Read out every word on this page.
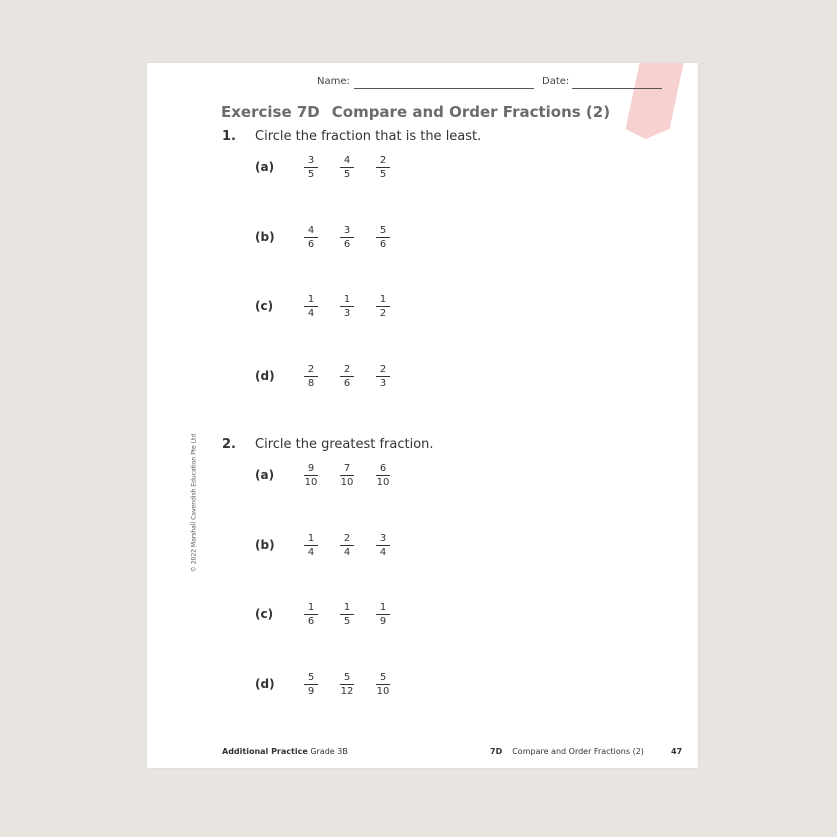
Name:	Date:
Exercise 7D Compare and Order Fractions (2)
1. Circle the fraction that is the least.
(a)	$\frac{3}{5} \frac{4}{5} \frac{2}{5}$
(b)	$\frac{4}{6} \frac{3}{6} \frac{5}{6}$
(c)	$\frac{1}{4} \frac{1}{3} \frac{1}{2}$
(d)	$\frac{2}{8} \frac{2}{6} \frac{2}{3}$
2. Circle the greatest fraction.
(a)	$\frac{9}{10} \frac{7}{10} \frac{6}{10}$
(b)	$\frac{1}{4} \frac{2}{4} \frac{3}{4}$
(c)	$\frac{1}{6} \frac{1}{5} \frac{1}{9}$
(d)	$\frac{5}{9} \frac{5}{12} \frac{5}{10}$
© 2022 Marshall Cavendish Education Pte Ltd
Additional Practice Grade 3B	7D Compare and Order Fractions (2)	47
